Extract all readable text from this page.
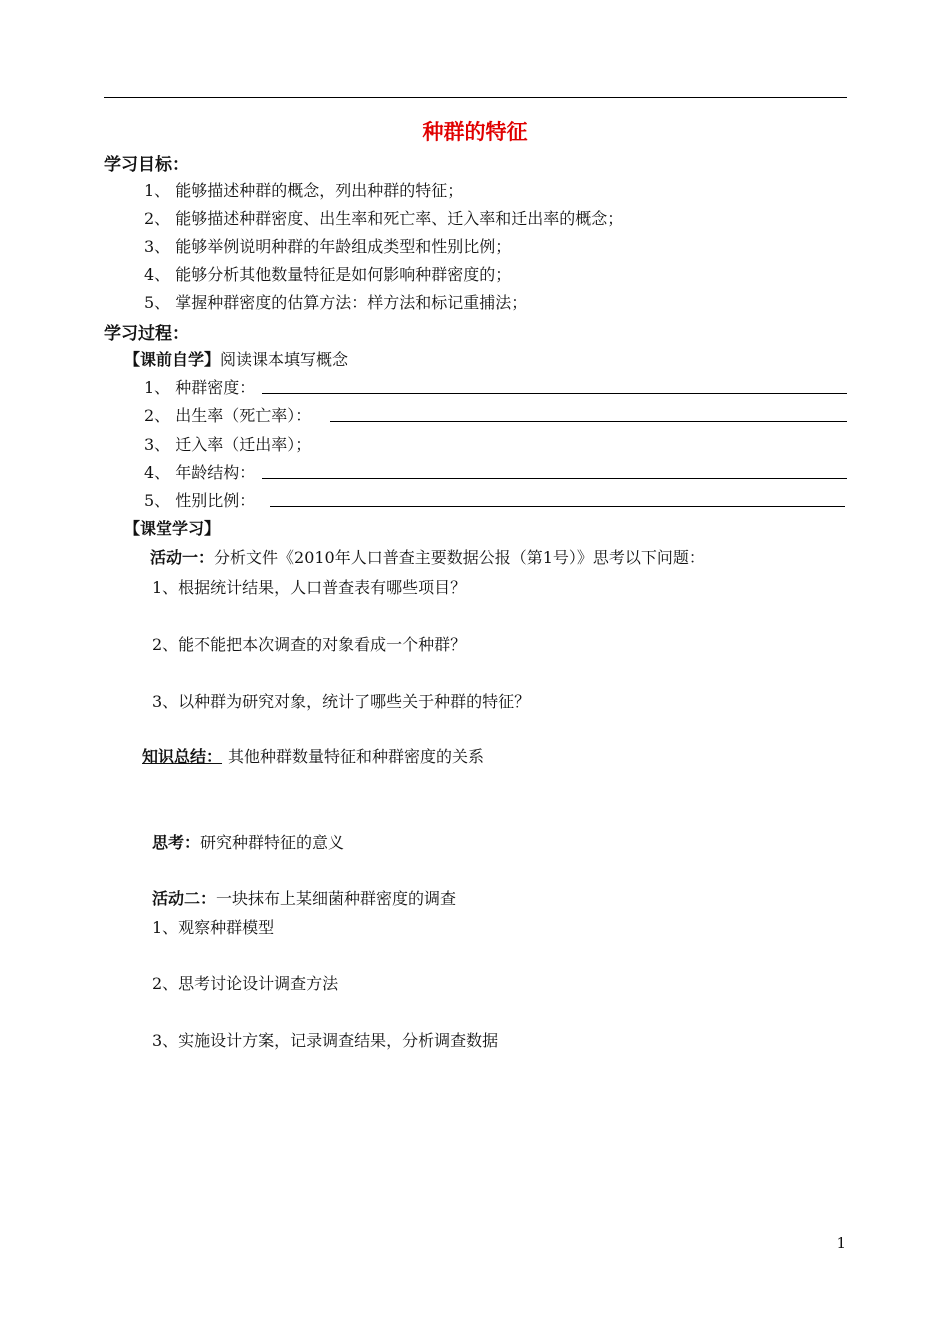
种群的特征
学习目标：
1、 能够描述种群的概念，列出种群的特征；
2、 能够描述种群密度、出生率和死亡率、迁入率和迁出率的概念；
3、 能够举例说明种群的年龄组成类型和性别比例；
4、 能够分析其他数量特征是如何影响种群密度的；
5、 掌握种群密度的估算方法：样方法和标记重捕法；
学习过程：
【课前自学】阅读课本填写概念
1、 种群密度：
2、 出生率（死亡率）：
3、 迁入率（迁出率）；
4、 年龄结构：
5、 性别比例：
【课堂学习】
活动一：分析文件《2010年人口普查主要数据公报（第1号）》思考以下问题：
1、根据统计结果，人口普查表有哪些项目？
2、能不能把本次调查的对象看成一个种群？
3、以种群为研究对象，统计了哪些关于种群的特征？
知识总结： 其他种群数量特征和种群密度的关系
思考：研究种群特征的意义
活动二：一块抹布上某细菌种群密度的调查
1、观察种群模型
2、思考讨论设计调查方法
3、实施设计方案，记录调查结果，分析调查数据
1
